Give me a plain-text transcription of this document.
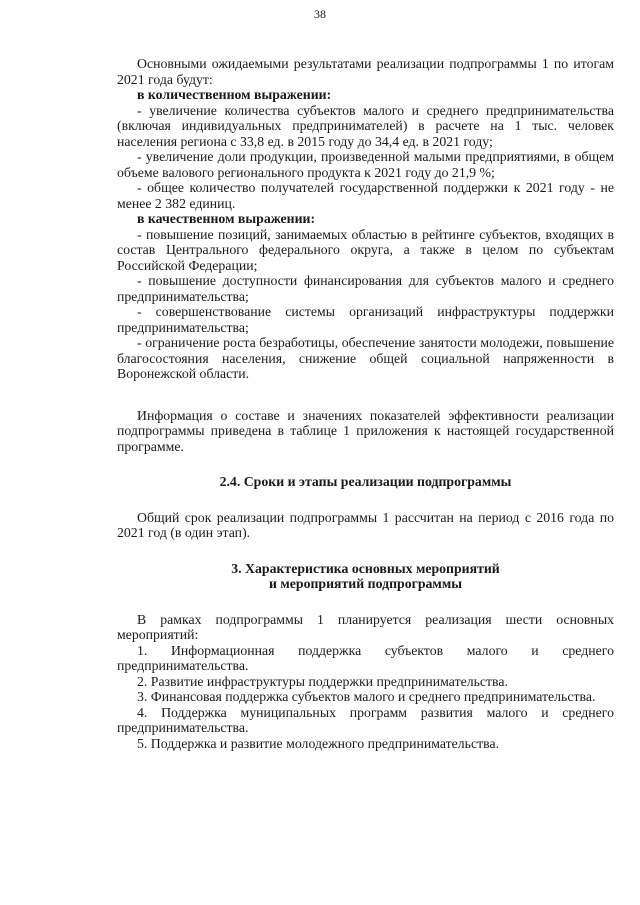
38

Основными ожидаемыми результатами реализации подпрограммы 1 по итогам 2021 года будут:

в количественном выражении:

- увеличение количества субъектов малого и среднего предпринимательства (включая индивидуальных предпринимателей) в расчете на 1 тыс. человек населения региона с 33,8 ед. в 2015 году до 34,4 ед. в 2021 году;

- увеличение доли продукции, произведенной малыми предприятиями, в общем объеме валового регионального продукта к 2021 году до 21,9 %;

- общее количество получателей государственной поддержки к 2021 году - не менее 2 382 единиц.

в качественном выражении:

- повышение позиций, занимаемых областью в рейтинге субъектов, входящих в состав Центрального федерального округа, а также в целом по субъектам Российской Федерации;

- повышение доступности финансирования для субъектов малого и среднего предпринимательства;

- совершенствование системы организаций инфраструктуры поддержки предпринимательства;

- ограничение роста безработицы, обеспечение занятости молодежи, повышение благосостояния населения, снижение общей социальной напряженности в Воронежской области.

Информация о составе и значениях показателей эффективности реализации подпрограммы приведена в таблице 1 приложения к настоящей государственной программе.

2.4. Сроки и этапы реализации подпрограммы

Общий срок реализации подпрограммы 1 рассчитан на период с 2016 года по 2021 год (в один этап).

3. Характеристика основных мероприятий

и мероприятий подпрограммы

В рамках подпрограммы 1 планируется реализация шести основных мероприятий:

1. Информационная поддержка субъектов малого и среднего предпринимательства.

2. Развитие инфраструктуры поддержки предпринимательства.

3. Финансовая поддержка субъектов малого и среднего предпринимательства.

4. Поддержка муниципальных программ развития малого и среднего предпринимательства.

5. Поддержка и развитие молодежного предпринимательства.
